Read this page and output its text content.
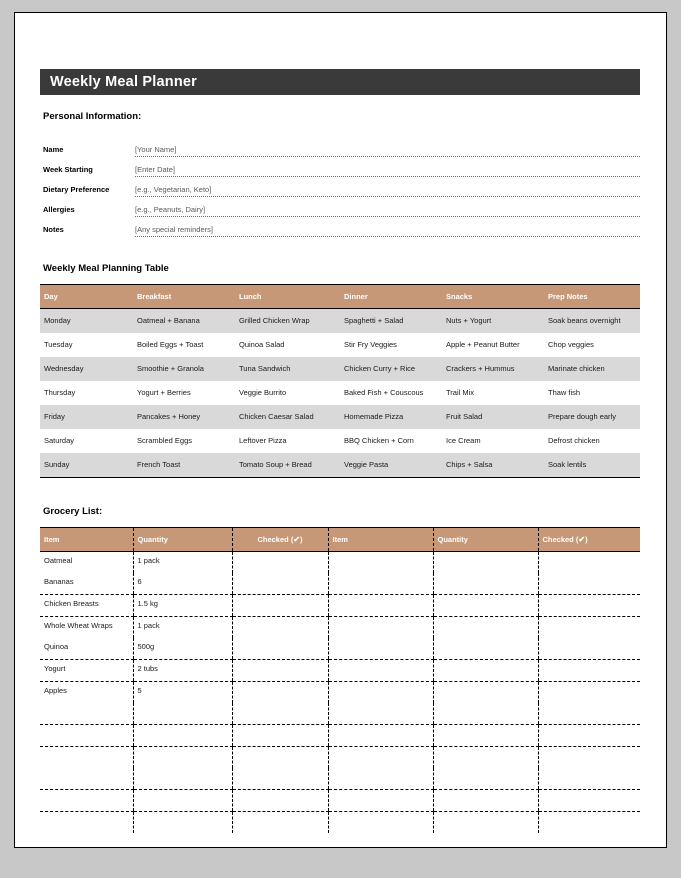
Weekly Meal Planner
Personal Information:
Name	[Your Name]
Week Starting	[Enter Date]
Dietary Preference	[e.g., Vegetarian, Keto]
Allergies	[e.g., Peanuts, Dairy]
Notes	[Any special reminders]
Weekly Meal Planning Table
Day	Breakfast	Lunch	Dinner	Snacks	Prep Notes
Monday	Oatmeal + Banana	Grilled Chicken Wrap	Spaghetti + Salad	Nuts + Yogurt	Soak beans overnight
Tuesday	Boiled Eggs + Toast	Quinoa Salad	Stir Fry Veggies	Apple + Peanut Butter	Chop veggies
Wednesday	Smoothie + Granola	Tuna Sandwich	Chicken Curry + Rice	Crackers + Hummus	Marinate chicken
Thursday	Yogurt + Berries	Veggie Burrito	Baked Fish + Couscous	Trail Mix	Thaw fish
Friday	Pancakes + Honey	Chicken Caesar Salad	Homemade Pizza	Fruit Salad	Prepare dough early
Saturday	Scrambled Eggs	Leftover Pizza	BBQ Chicken + Corn	Ice Cream	Defrost chicken
Sunday	French Toast	Tomato Soup + Bread	Veggie Pasta	Chips + Salsa	Soak lentils
Grocery List:
Item	Quantity	Checked (✔)	Item	Quantity	Checked (✔)
Oatmeal	1 pack				
Bananas	6				
Chicken Breasts	1.5 kg				
Whole Wheat Wraps	1 pack				
Quinoa	500g				
Yogurt	2 tubs				
Apples	5				
